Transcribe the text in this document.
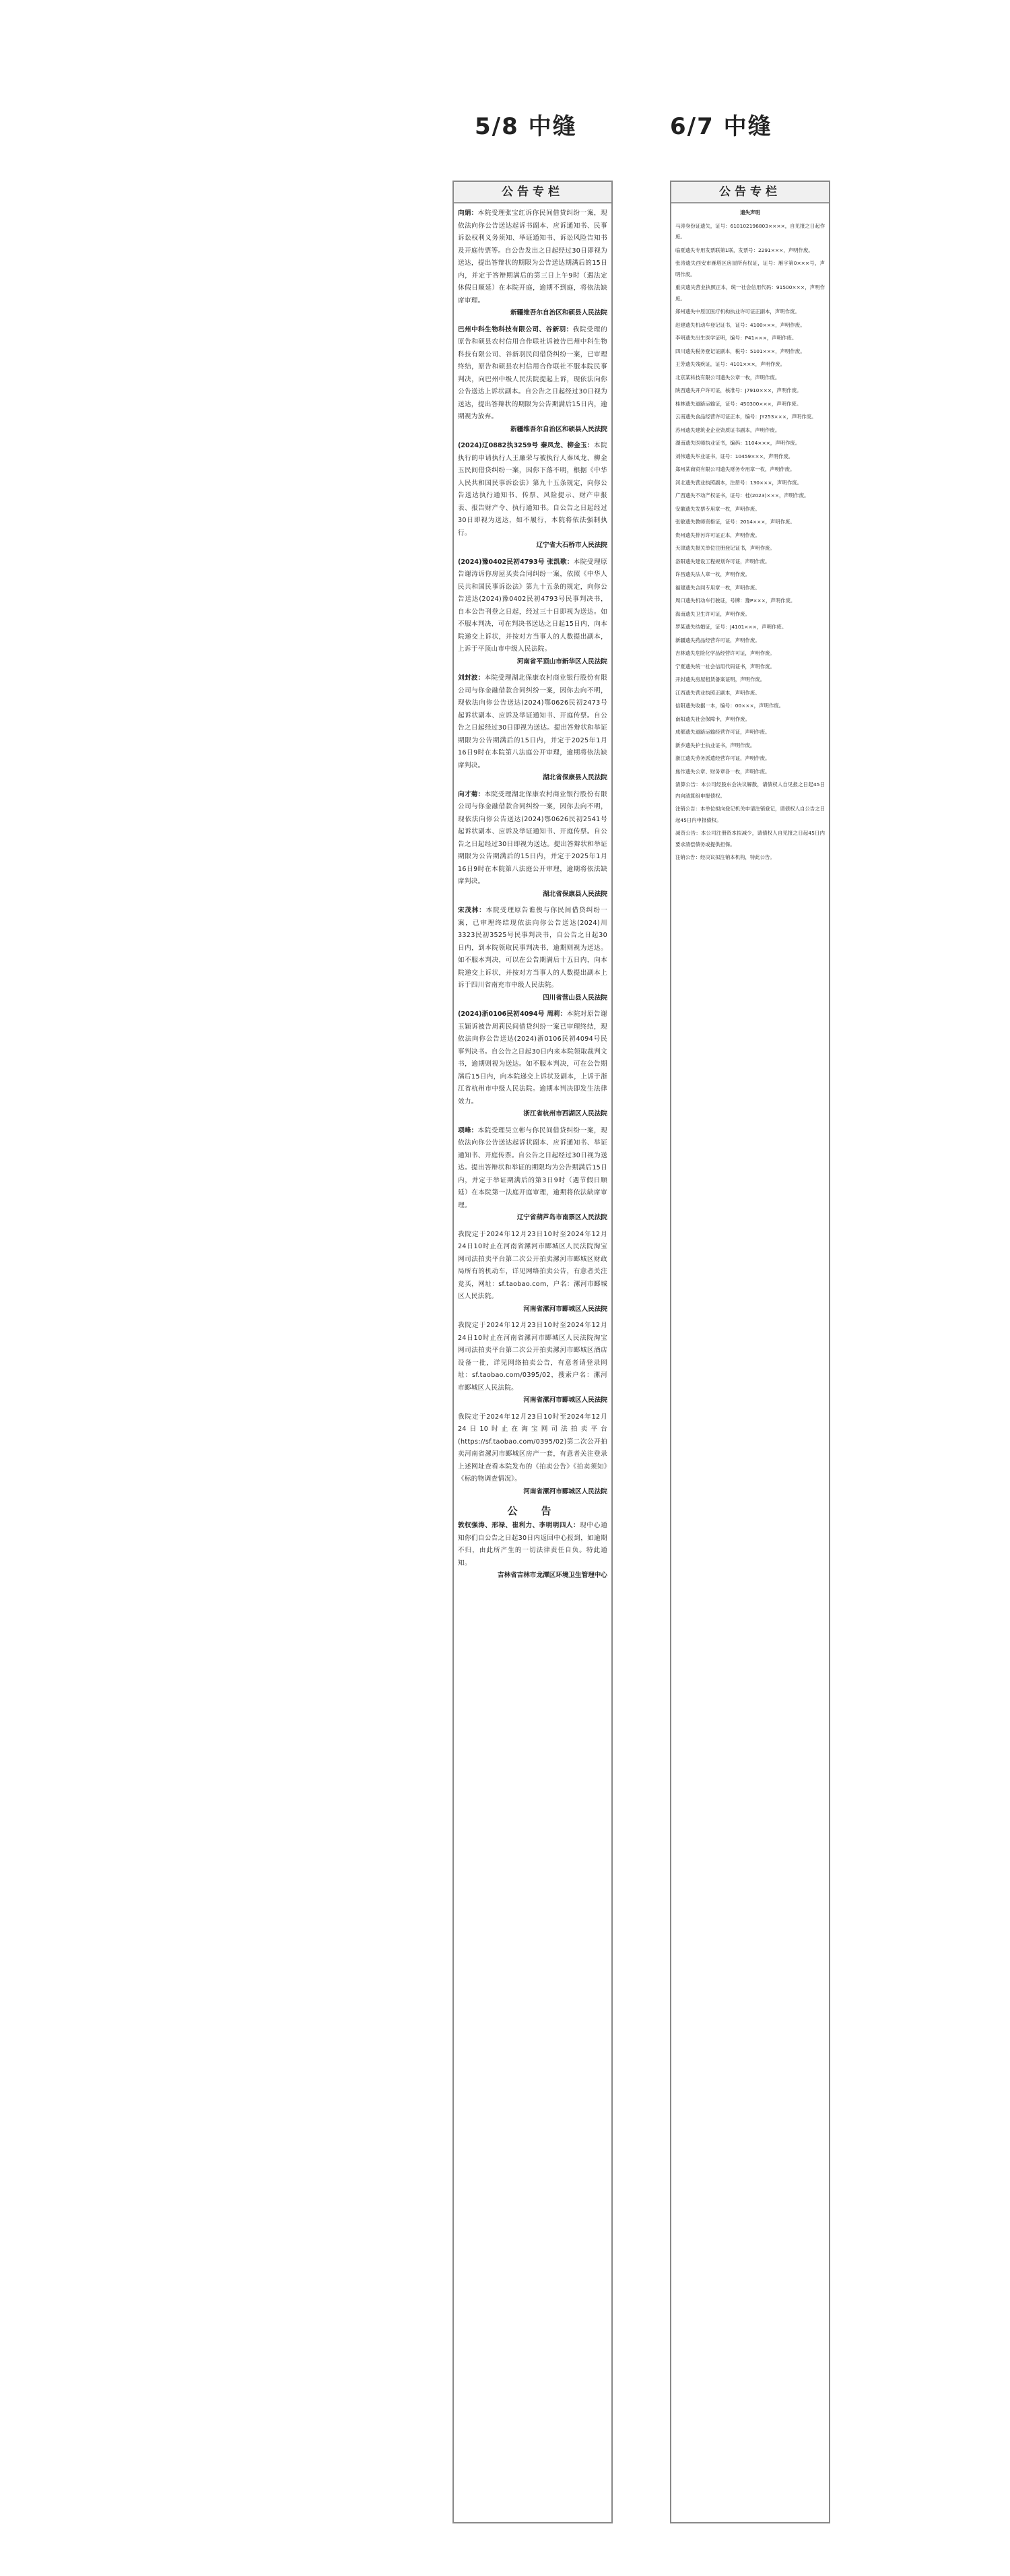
5/8 中缝	6/7 中缝
公告专栏
向娟：本院受理张宝红诉你民间借贷纠纷一案，现依法向你公告送达起诉书副本、应诉通知书、民事诉讼权利义务须知、举证通知书、诉讼风险告知书及开庭传票等。自公告发出之日起经过30日即视为送达，提出答辩状的期限为公告送达期满后的15日内，并定于答辩期满后的第三日上午9时（遇法定休假日顺延）在本院开庭，逾期不到庭，将依法缺席审理。
新疆维吾尔自治区和硕县人民法院
巴州中科生物科技有限公司、谷新羽：我院受理的原告和硕县农村信用合作联社诉被告巴州中科生物科技有限公司、谷新羽民间借贷纠纷一案，已审理终结，原告和硕县农村信用合作联社不服本院民事判决，向巴州中级人民法院提起上诉，现依法向你公告送达上诉状副本。自公告之日起经过30日视为送达，提出答辩状的期限为公告期满后15日内，逾期视为放弃。
新疆维吾尔自治区和硕县人民法院
(2024)辽0882执3259号 秦凤龙、柳金玉：本院执行的申请执行人王廉荣与被执行人秦凤龙、柳金玉民间借贷纠纷一案，因你下落不明，根据《中华人民共和国民事诉讼法》第九十五条规定，向你公告送达执行通知书、传票、风险提示、财产申报表、报告财产令、执行通知书。自公告之日起经过30日即视为送达，如不履行，本院将依法强制执行。
辽宁省大石桥市人民法院
(2024)豫0402民初4793号 张凯歌：本院受理原告谢涛诉你房屋买卖合同纠纷一案，依照《中华人民共和国民事诉讼法》第九十五条的规定，向你公告送达(2024)豫0402民初4793号民事判决书，自本公告刊登之日起，经过三十日即视为送达。如不服本判决，可在判决书送达之日起15日内，向本院递交上诉状，并按对方当事人的人数提出副本，上诉于平顶山市中级人民法院。
河南省平顶山市新华区人民法院
刘封波：本院受理湖北保康农村商业银行股份有限公司与你金融借款合同纠纷一案，因你去向不明，现依法向你公告送达(2024)鄂0626民初2473号起诉状副本、应诉及举证通知书、开庭传票。自公告之日起经过30日即视为送达。提出答辩状和举证期限为公告期满后的15日内，并定于2025年1月16日9时在本院第八法庭公开审理，逾期将依法缺席判决。
湖北省保康县人民法院
向才菊：本院受理湖北保康农村商业银行股份有限公司与你金融借款合同纠纷一案，因你去向不明，现依法向你公告送达(2024)鄂0626民初2541号起诉状副本、应诉及举证通知书、开庭传票。自公告之日起经过30日即视为送达。提出答辩状和举证期限为公告期满后的15日内，并定于2025年1月16日9时在本院第八法庭公开审理，逾期将依法缺席判决。
湖北省保康县人民法院
宋茂林：本院受理原告谯俊与你民间借贷纠纷一案，已审理终结现依法向你公告送达(2024)川3323民初3525号民事判决书，自公告之日起30日内，到本院领取民事判决书，逾期则视为送达。如不服本判决，可以在公告期满后十五日内，向本院递交上诉状，并按对方当事人的人数提出副本上诉于四川省南充市中级人民法院。
四川省营山县人民法院
(2024)浙0106民初4094号 周莉：本院对原告谢玉颖诉被告周莉民间借贷纠纷一案已审理终结，现依法向你公告送达(2024)浙0106民初4094号民事判决书。自公告之日起30日内来本院领取裁判文书，逾期则视为送达。如不服本判决，可在公告期满后15日内，向本院递交上诉状及副本，上诉于浙江省杭州市中级人民法院。逾期本判决即发生法律效力。
浙江省杭州市西湖区人民法院
项峰：本院受理吴立彬与你民间借贷纠纷一案，现依法向你公告送达起诉状副本、应诉通知书、举证通知书、开庭传票。自公告之日起经过30日视为送达。提出答辩状和举证的期限均为公告期满后15日内，并定于举证期满后的第3日9时（遇节假日顺延）在本院第一法庭开庭审理，逾期将依法缺席审理。
辽宁省葫芦岛市南票区人民法院
我院定于2024年12月23日10时至2024年12月24日10时止在河南省漯河市郾城区人民法院淘宝网司法拍卖平台第二次公开拍卖漯河市郾城区财政局所有的机动车，详见网络拍卖公告，有意者关注竞买，网址：sf.taobao.com，户名：漯河市郾城区人民法院。
河南省漯河市郾城区人民法院
我院定于2024年12月23日10时至2024年12月24日10时止在河南省漯河市郾城区人民法院淘宝网司法拍卖平台第二次公开拍卖漯河市郾城区酒店设备一批，详见网络拍卖公告，有意者请登录网址：sf.taobao.com/0395/02，搜索户名：漯河市郾城区人民法院。
河南省漯河市郾城区人民法院
我院定于2024年12月23日10时至2024年12月24日10时止在淘宝网司法拍卖平台(https://sf.taobao.com/0395/02)第二次公开拍卖河南省漯河市郾城区房产一套，有意者关注登录上述网址查看本院发布的《拍卖公告》《拍卖须知》《标的物调查情况》。
河南省漯河市郾城区人民法院
公　告
敦权强涛、邢禄、崔利力、李明明四人：现中心通知你们自公告之日起30日内返回中心报到，如逾期不归，由此所产生的一切法律责任自负。特此通知。
吉林省吉林市龙潭区环境卫生管理中心
公告专栏
遗失声明
马涛身份证遗失，证号：610102196803××××，自见报之日起作废。
临夏遗失专用发票联第1联，发票号：2291×××，声明作废。
张涛遗失西安市雁塔区房屋所有权证，证号：雁字第0×××号，声明作废。
重庆遗失营业执照正本，统一社会信用代码：91500×××，声明作废。
郑州遗失中原区医疗机构执业许可证正副本，声明作废。
赵建遗失机动车登记证书，证号：4100×××，声明作废。
李明遗失出生医学证明，编号：P41×××，声明作废。
四川遗失税务登记证副本，税号：5101×××，声明作废。
王芳遗失残疾证，证号：4101×××，声明作废。
北京某科技有限公司遗失公章一枚，声明作废。
陕西遗失开户许可证，核准号：J7910×××，声明作废。
桂林遗失道路运输证，证号：450300×××，声明作废。
云南遗失食品经营许可证正本，编号：JY253×××，声明作废。
苏州遗失建筑业企业资质证书副本，声明作废。
湖南遗失医师执业证书，编码：1104×××，声明作废。
刘伟遗失毕业证书，证号：10459×××，声明作废。
郑州某商贸有限公司遗失财务专用章一枚，声明作废。
河北遗失营业执照副本，注册号：130×××，声明作废。
广西遗失不动产权证书，证号：桂(2023)×××，声明作废。
安徽遗失发票专用章一枚，声明作废。
张敏遗失教师资格证，证号：2014×××，声明作废。
贵州遗失排污许可证正本，声明作废。
天津遗失报关单位注册登记证书，声明作废。
洛阳遗失建设工程规划许可证，声明作废。
许昌遗失法人章一枚，声明作废。
福建遗失合同专用章一枚，声明作废。
周口遗失机动车行驶证，号牌：豫P×××，声明作废。
海南遗失卫生许可证，声明作废。
罗某遗失结婚证，证号：J4101×××，声明作废。
新疆遗失药品经营许可证，声明作废。
吉林遗失危险化学品经营许可证，声明作废。
宁夏遗失统一社会信用代码证书，声明作废。
开封遗失房屋租赁备案证明，声明作废。
江西遗失营业执照正副本，声明作废。
信阳遗失收据一本，编号：00×××，声明作废。
南阳遗失社会保障卡，声明作废。
成都遗失道路运输经营许可证，声明作废。
新乡遗失护士执业证书，声明作废。
浙江遗失劳务派遣经营许可证，声明作废。
焦作遗失公章、财务章各一枚，声明作废。
清算公告：本公司经股东会决议解散，请债权人自见报之日起45日内向清算组申报债权。
注销公告：本单位拟向登记机关申请注销登记，请债权人自公告之日起45日内申报债权。
减资公告：本公司注册资本拟减少，请债权人自见报之日起45日内要求清偿债务或提供担保。
注销公告：经决议拟注销本机构，特此公告。
